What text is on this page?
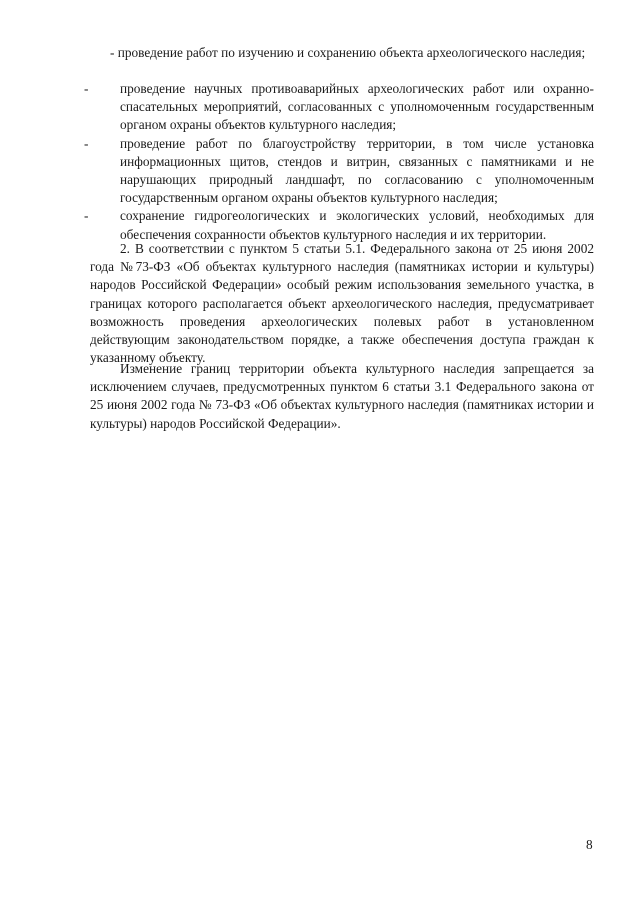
- проведение работ по изучению и сохранению объекта археологического наследия;
- проведение научных противоаварийных археологических работ или охранно-спасательных мероприятий, согласованных с уполномоченным государственным органом охраны объектов культурного наследия;
- проведение работ по благоустройству территории, в том числе установка информационных щитов, стендов и витрин, связанных с памятниками и не нарушающих природный ландшафт, по согласованию с уполномоченным государственным органом охраны объектов культурного наследия;
- сохранение гидрогеологических и экологических условий, необходимых для обеспечения сохранности объектов культурного наследия и их территории.

2. В соответствии с пунктом 5 статьи 5.1. Федерального закона от 25 июня 2002 года №73-ФЗ «Об объектах культурного наследия (памятниках истории и культуры) народов Российской Федерации» особый режим использования земельного участка, в границах которого располагается объект археологического наследия, предусматривает возможность проведения археологических полевых работ в установленном действующим законодательством порядке, а также обеспечения доступа граждан к указанному объекту.

Изменение границ территории объекта культурного наследия запрещается за исключением случаев, предусмотренных пунктом 6 статьи 3.1 Федерального закона от 25 июня 2002 года № 73-ФЗ «Об объектах культурного наследия (памятниках истории и культуры) народов Российской Федерации».

8
